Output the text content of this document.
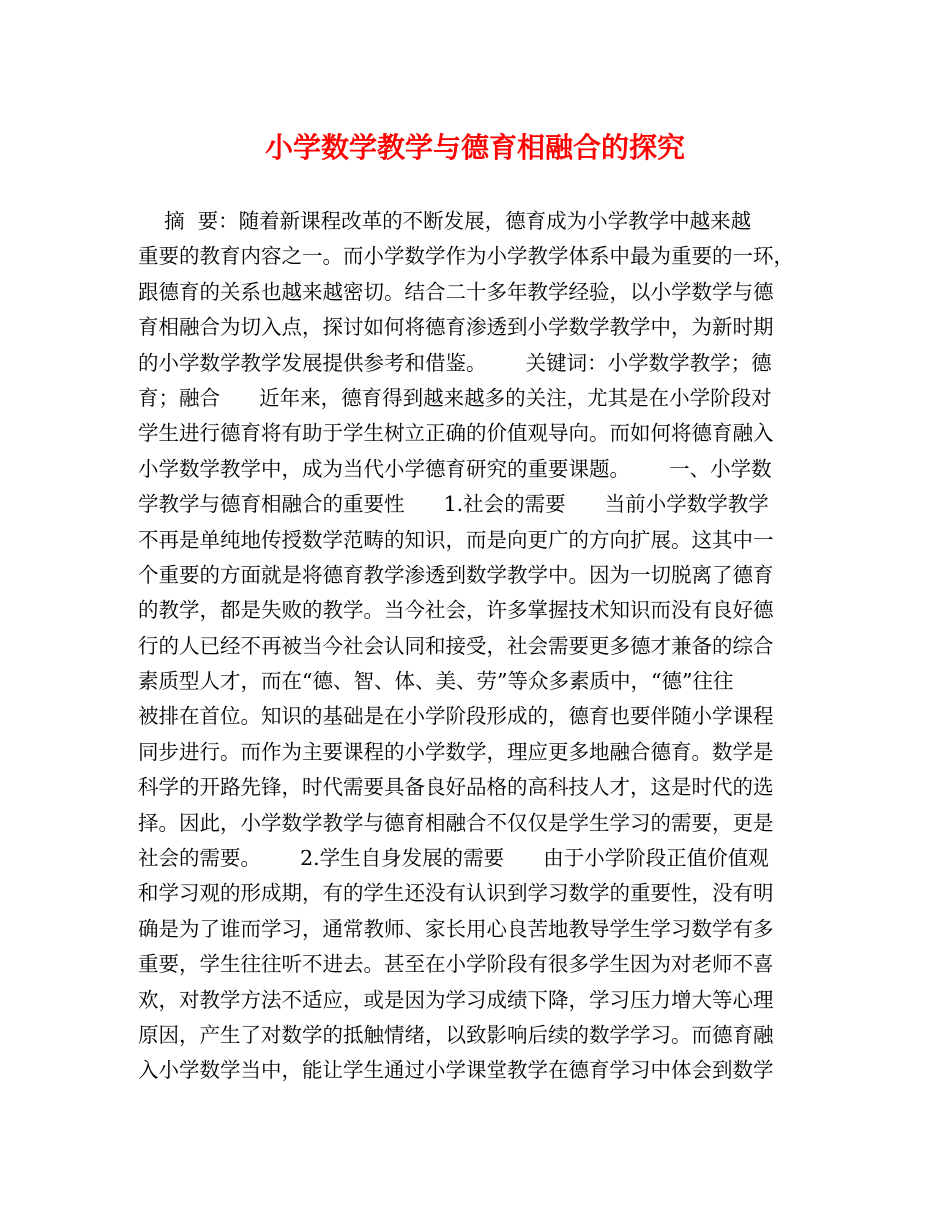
小学数学教学与德育相融合的探究
摘  要：随着新课程改革的不断发展，德育成为小学教学中越来越
重要的教育内容之一。而小学数学作为小学教学体系中最为重要的一环，
跟德育的关系也越来越密切。结合二十多年教学经验，以小学数学与德
育相融合为切入点，探讨如何将德育渗透到小学数学教学中，为新时期
的小学数学教学发展提供参考和借鉴。      关键词：小学数学教学；德
育；融合      近年来，德育得到越来越多的关注，尤其是在小学阶段对
学生进行德育将有助于学生树立正确的价值观导向。而如何将德育融入
小学数学教学中，成为当代小学德育研究的重要课题。      一、小学数
学教学与德育相融合的重要性      1.社会的需要      当前小学数学教学
不再是单纯地传授数学范畴的知识，而是向更广的方向扩展。这其中一
个重要的方面就是将德育教学渗透到数学教学中。因为一切脱离了德育
的教学，都是失败的教学。当今社会，许多掌握技术知识而没有良好德
行的人已经不再被当今社会认同和接受，社会需要更多德才兼备的综合
素质型人才，而在“德、智、体、美、劳”等众多素质中，“德”往往
被排在首位。知识的基础是在小学阶段形成的，德育也要伴随小学课程
同步进行。而作为主要课程的小学数学，理应更多地融合德育。数学是
科学的开路先锋，时代需要具备良好品格的高科技人才，这是时代的选
择。因此，小学数学教学与德育相融合不仅仅是学生学习的需要，更是
社会的需要。      2.学生自身发展的需要      由于小学阶段正值价值观
和学习观的形成期，有的学生还没有认识到学习数学的重要性，没有明
确是为了谁而学习，通常教师、家长用心良苦地教导学生学习数学有多
重要，学生往往听不进去。甚至在小学阶段有很多学生因为对老师不喜
欢，对教学方法不适应，或是因为学习成绩下降，学习压力增大等心理
原因，产生了对数学的抵触情绪，以致影响后续的数学学习。而德育融
入小学数学当中，能让学生通过小学课堂教学在德育学习中体会到数学
